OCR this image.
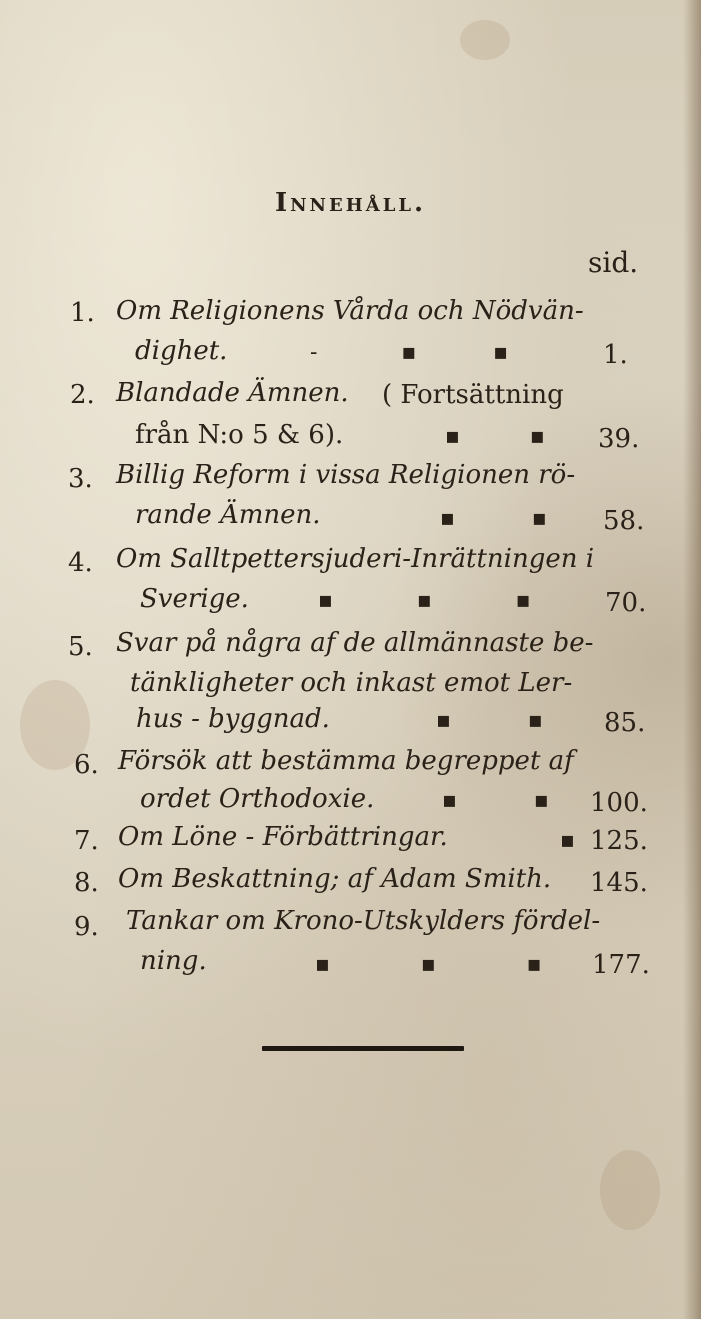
Innehåll.
sid.
1. Om Religionens Vårda och Nödvän-
dighet.	-            ▪           ▪	1.
2. Blandade Ämnen. ( Fortsättning
från N:o 5 & 6).	▪          ▪ 39.
3. Billig Reform i vissa Religionen rö-
rande Ämnen.	▪           ▪ 58.
4. Om Salltpettersjuderi-Inrättningen i
Sverige.	▪            ▪            ▪	70.
5. Svar på några af de allmännaste be-
tänkligheter och inkast emot Ler-
hus - byggnad.	▪           ▪ 85.
6. Försök att bestämma begreppet af
ordet Orthodoxie.	▪           ▪ 100.
7. Om Löne - Förbättringar.	▪ 125.
8. Om Beskattning; af Adam Smith. 145.
9. Tankar om Krono-Utskylders fördel-
ning.	▪             ▪             ▪ 177.
